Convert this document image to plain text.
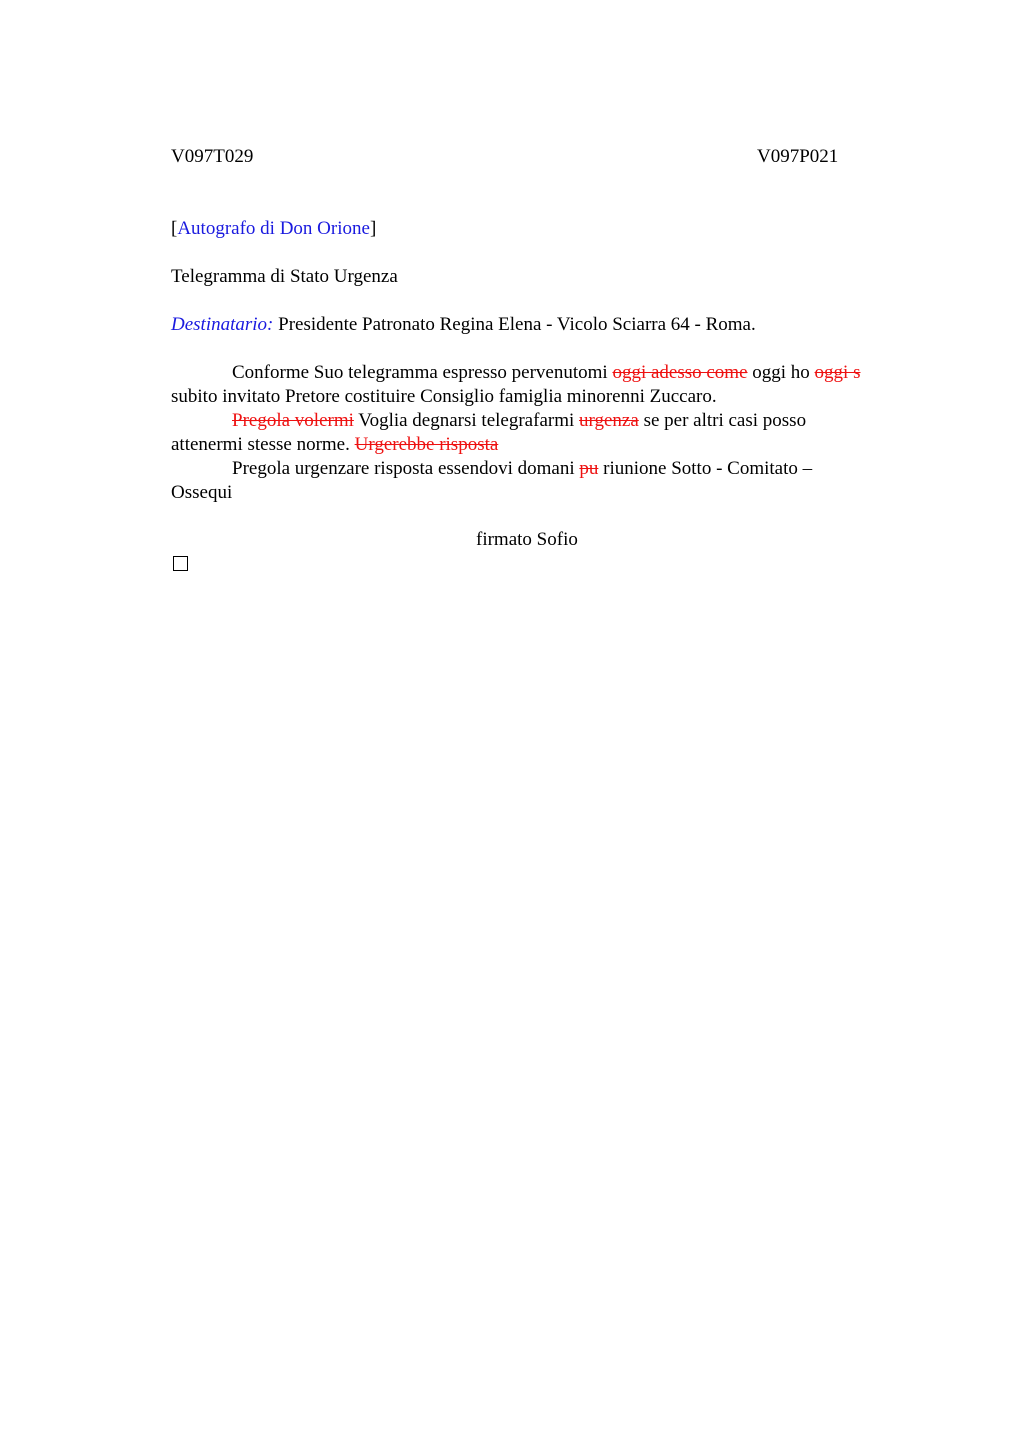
V097T029	V097P021
[Autografo di Don Orione]
Telegramma di Stato Urgenza
Destinatario: Presidente Patronato Regina Elena - Vicolo Sciarra 64 - Roma.
Conforme Suo telegramma espresso pervenutomi oggi adesso come oggi ho oggi s subito invitato Pretore costituire Consiglio famiglia minorenni Zuccaro.
Pregola volermi Voglia degnarsi telegrafarmi urgenza se per altri casi posso attenermi stesse norme. Urgerebbe risposta
Pregola urgenzare risposta essendovi domani pu riunione Sotto - Comitato – Ossequi
firmato Sofio
